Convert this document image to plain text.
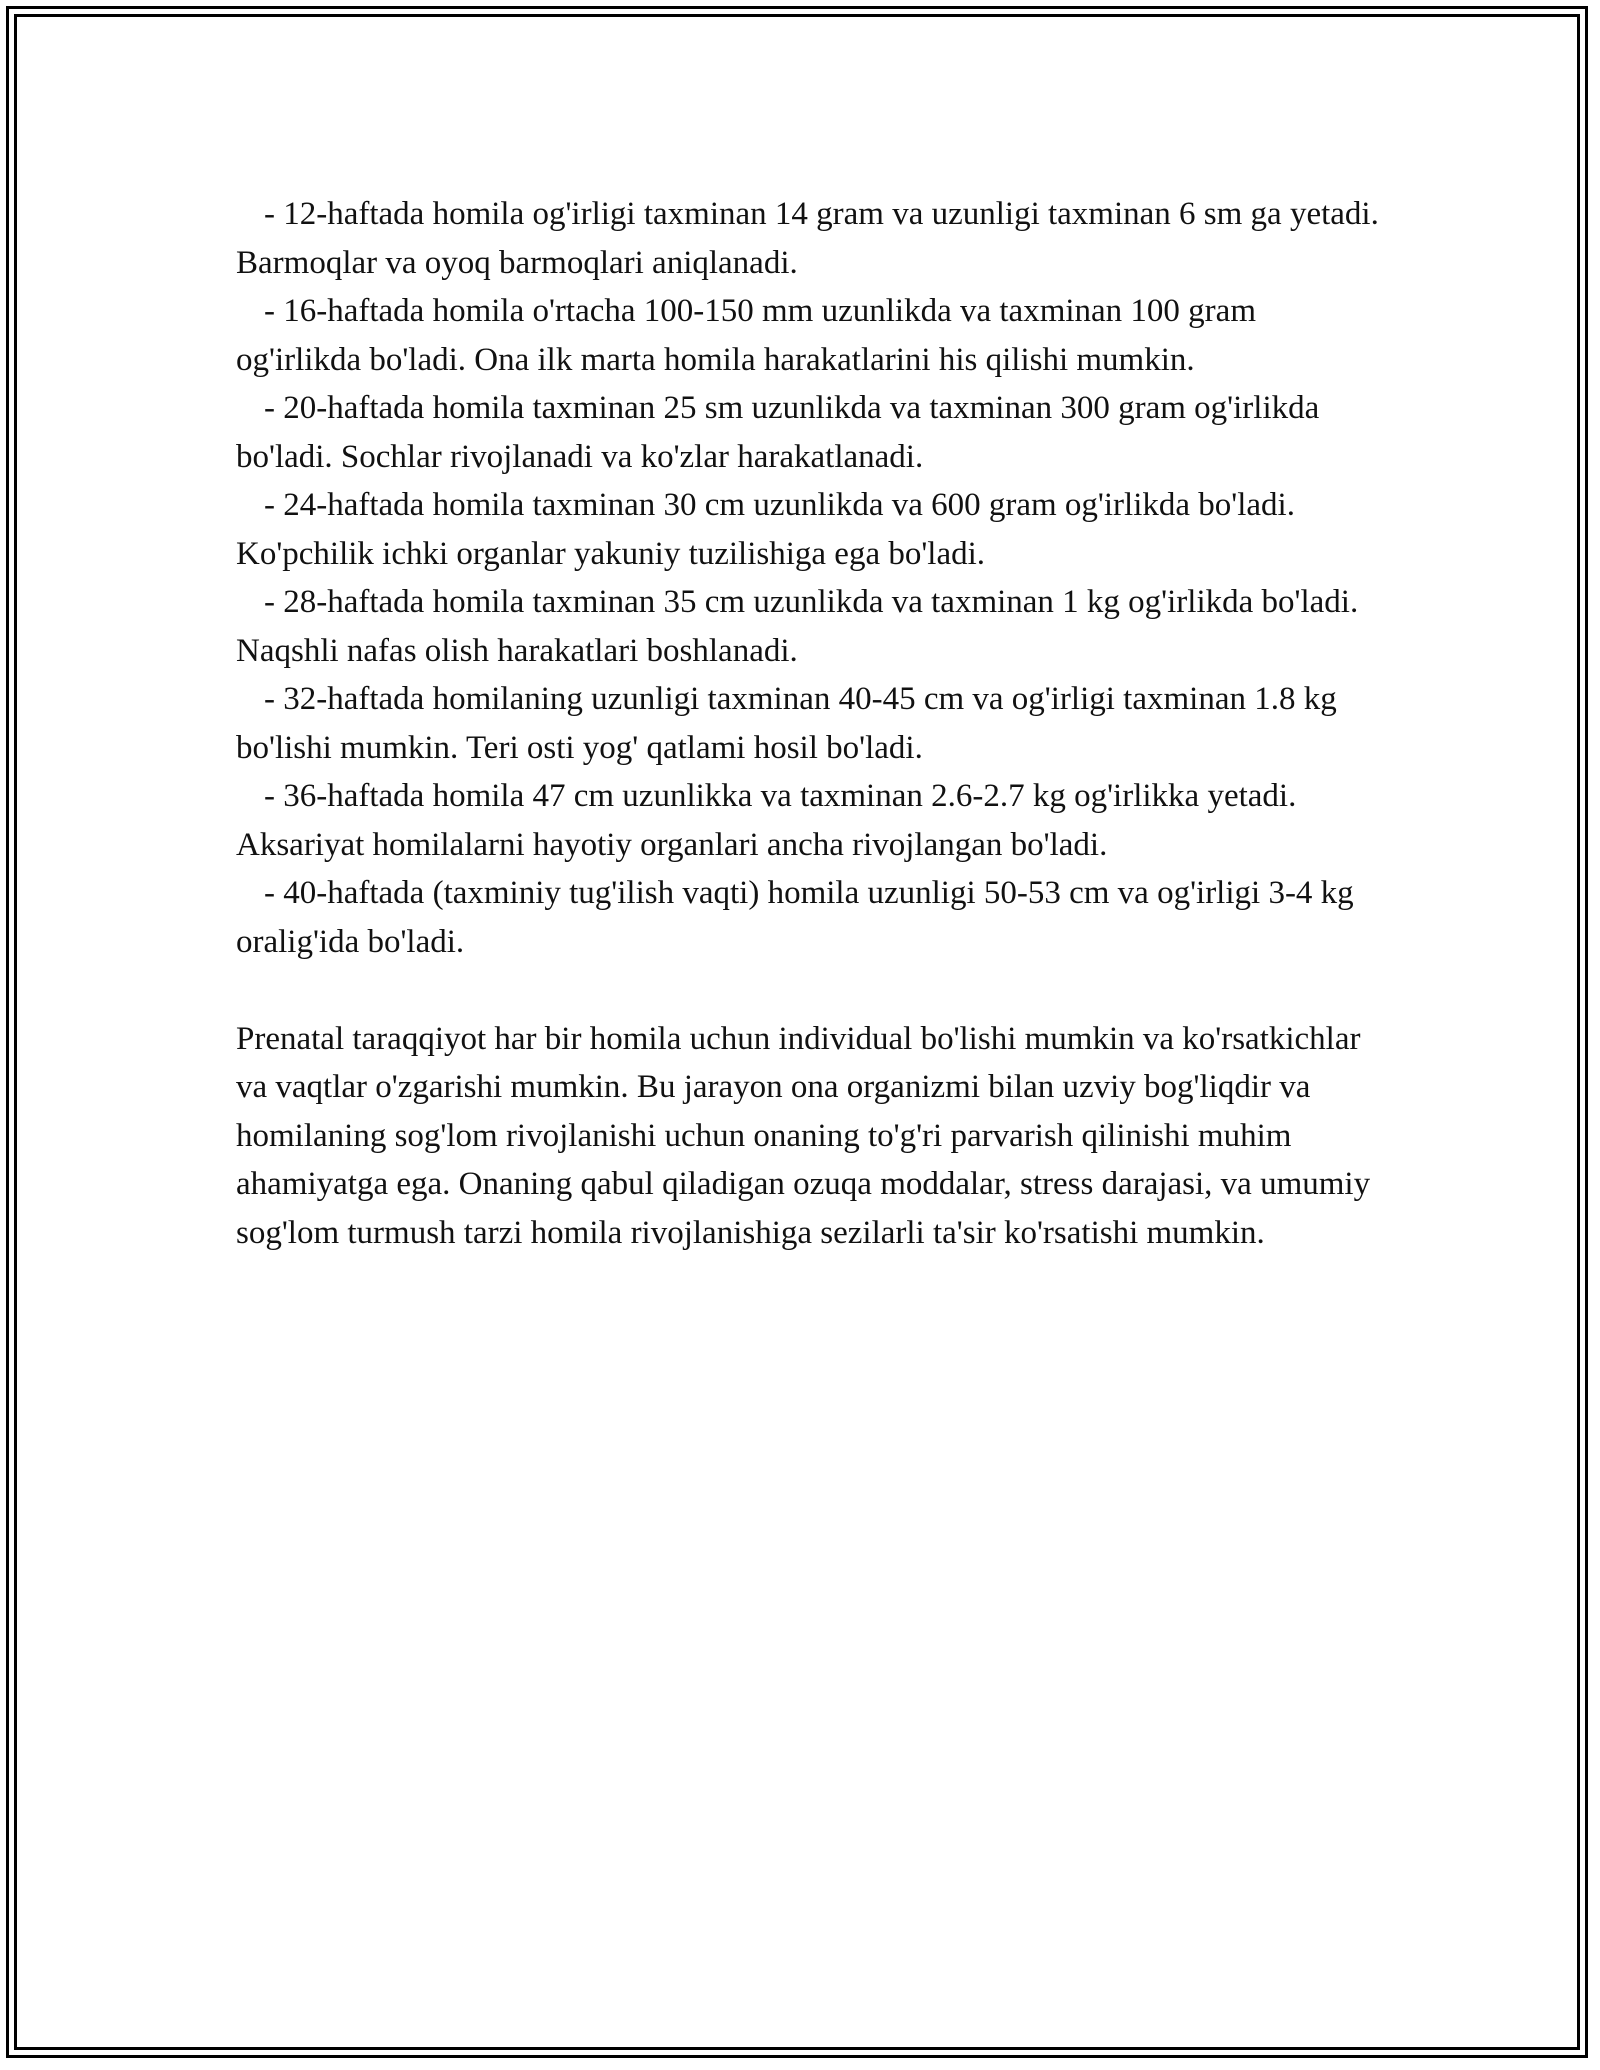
- 12-haftada homila og'irligi taxminan 14 gram va uzunligi taxminan 6 sm ga yetadi. Barmoqlar va oyoq barmoqlari aniqlanadi.

- 16-haftada homila o'rtacha 100-150 mm uzunlikda va taxminan 100 gram og'irlikda bo'ladi. Ona ilk marta homila harakatlarini his qilishi mumkin.

- 20-haftada homila taxminan 25 sm uzunlikda va taxminan 300 gram og'irlikda bo'ladi. Sochlar rivojlanadi va ko'zlar harakatlanadi.

- 24-haftada homila taxminan 30 cm uzunlikda va 600 gram og'irlikda bo'ladi. Ko'pchilik ichki organlar yakuniy tuzilishiga ega bo'ladi.

- 28-haftada homila taxminan 35 cm uzunlikda va taxminan 1 kg og'irlikda bo'ladi. Naqshli nafas olish harakatlari boshlanadi.

- 32-haftada homilaning uzunligi taxminan 40-45 cm va og'irligi taxminan 1.8 kg bo'lishi mumkin. Teri osti yog' qatlami hosil bo'ladi.

- 36-haftada homila 47 cm uzunlikka va taxminan 2.6-2.7 kg og'irlikka yetadi. Aksariyat homilalarni hayotiy organlari ancha rivojlangan bo'ladi.

- 40-haftada (taxminiy tug'ilish vaqti) homila uzunligi 50-53 cm va og'irligi 3-4 kg oralig'ida bo'ladi.

Prenatal taraqqiyot har bir homila uchun individual bo'lishi mumkin va ko'rsatkichlar va vaqtlar o'zgarishi mumkin. Bu jarayon ona organizmi bilan uzviy bog'liqdir va homilaning sog'lom rivojlanishi uchun onaning to'g'ri parvarish qilinishi muhim ahamiyatga ega. Onaning qabul qiladigan ozuqa moddalar, stress darajasi, va umumiy sog'lom turmush tarzi homila rivojlanishiga sezilarli ta'sir ko'rsatishi mumkin.
